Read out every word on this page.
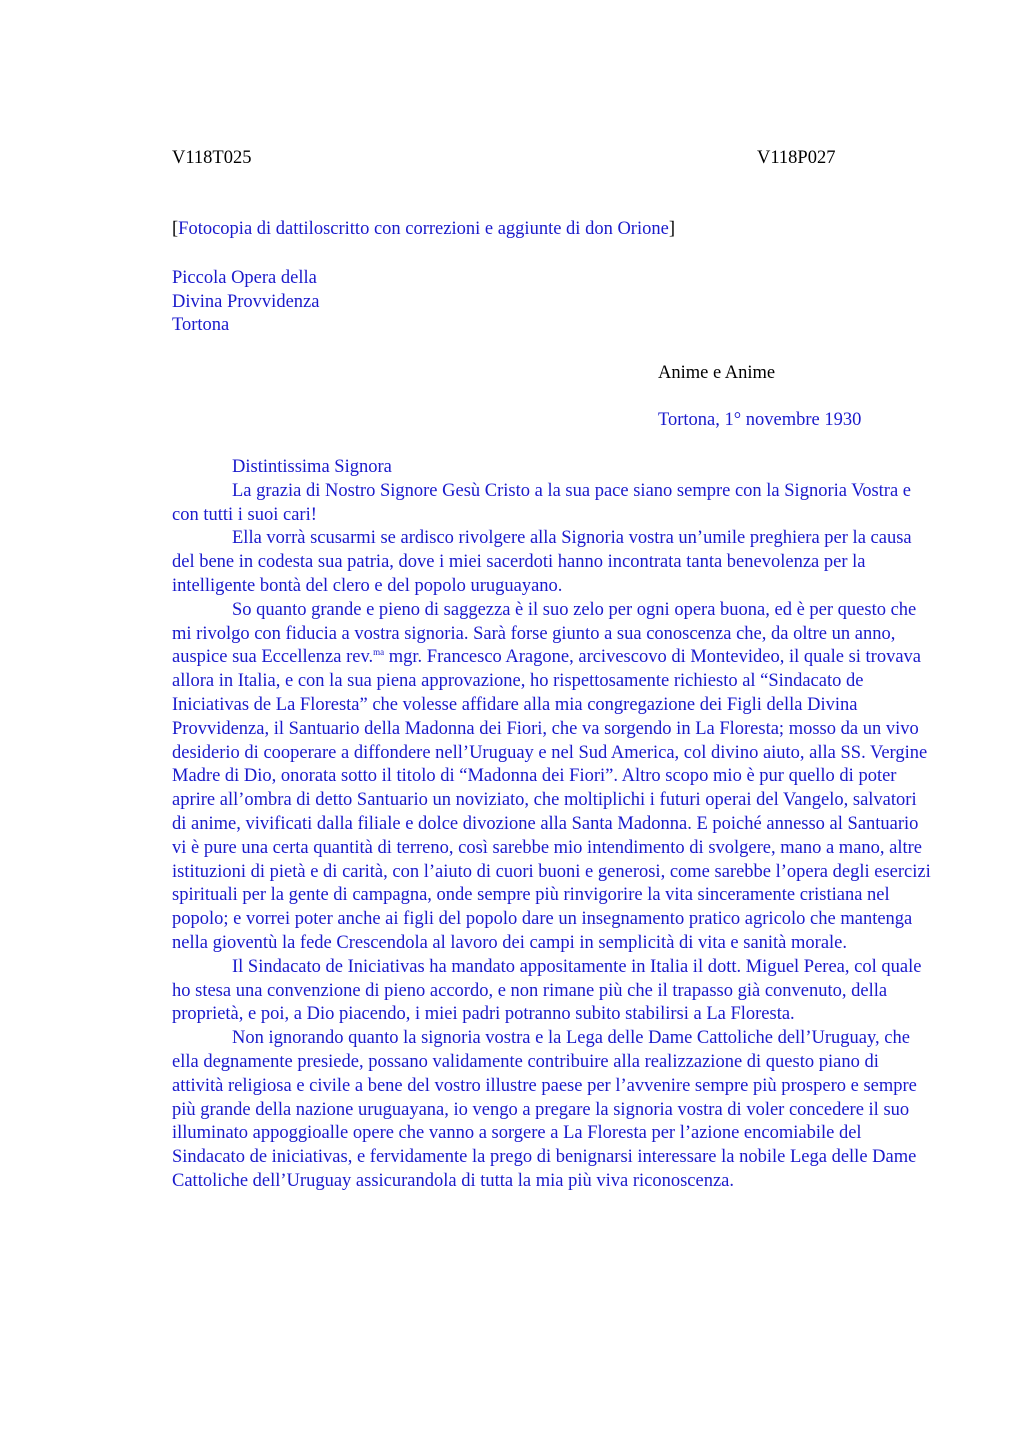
V118T025	V118P027
[Fotocopia di dattiloscritto con correzioni e aggiunte di don Orione]
Piccola Opera della
Divina Provvidenza
Tortona
Anime e Anime
Tortona, 1° novembre 1930

Distintissima Signora

La grazia di Nostro Signore Gesù Cristo a la sua pace siano sempre con la Signoria Vostra e con tutti i suoi cari!

Ella vorrà scusarmi se ardisco rivolgere alla Signoria vostra un’umile preghiera per la causa del bene in codesta sua patria, dove i miei sacerdoti hanno incontrata tanta benevolenza per la intelligente bontà del clero e del popolo uruguayano.

So quanto grande e pieno di saggezza è il suo zelo per ogni opera buona, ed è per questo che mi rivolgo con fiducia a vostra signoria. Sarà forse giunto a sua conoscenza che, da oltre un anno, auspice sua Eccellenza rev.$^{ma}$ mgr. Francesco Aragone, arcivescovo di Montevideo, il quale si trovava allora in Italia, e con la sua piena approvazione, ho rispettosamente richiesto al “Sindacato de Iniciativas de La Floresta” che volesse affidare alla mia congregazione dei Figli della Divina Provvidenza, il Santuario della Madonna dei Fiori, che va sorgendo in La Floresta; mosso da un vivo desiderio di cooperare a diffondere nell’Uruguay e nel Sud America, col divino aiuto, alla SS. Vergine Madre di Dio, onorata sotto il titolo di “Madonna dei Fiori”. Altro scopo mio è pur quello di poter aprire all’ombra di detto Santuario un noviziato, che moltiplichi i futuri operai del Vangelo, salvatori di anime, vivificati dalla filiale e dolce divozione alla Santa Madonna. E poiché annesso al Santuario vi è pure una certa quantità di terreno, così sarebbe mio intendimento di svolgere, mano a mano, altre istituzioni di pietà e di carità, con l’aiuto di cuori buoni e generosi, come sarebbe l’opera degli esercizi spirituali per la gente di campagna, onde sempre più rinvigorire la vita sinceramente cristiana nel popolo; e vorrei poter anche ai figli del popolo dare un insegnamento pratico agricolo che mantenga nella gioventù la fede Crescendola al lavoro dei campi in semplicità di vita e sanità morale.

Il Sindacato de Iniciativas ha mandato appositamente in Italia il dott. Miguel Perea, col quale ho stesa una convenzione di pieno accordo, e non rimane più che il trapasso già convenuto, della proprietà, e poi, a Dio piacendo, i miei padri potranno subito stabilirsi a La Floresta.

Non ignorando quanto la signoria vostra e la Lega delle Dame Cattoliche dell’Uruguay, che ella degnamente presiede, possano validamente contribuire alla realizzazione di questo piano di attività religiosa e civile a bene del vostro illustre paese per l’avvenire sempre più prospero e sempre più grande della nazione uruguayana, io vengo a pregare la signoria vostra di voler concedere il suo illuminato appoggioalle opere che vanno a sorgere a La Floresta per l’azione encomiabile del Sindacato de iniciativas, e fervidamente la prego di benignarsi interessare la nobile Lega delle Dame Cattoliche dell’Uruguay assicurandola di tutta la mia più viva riconoscenza.
